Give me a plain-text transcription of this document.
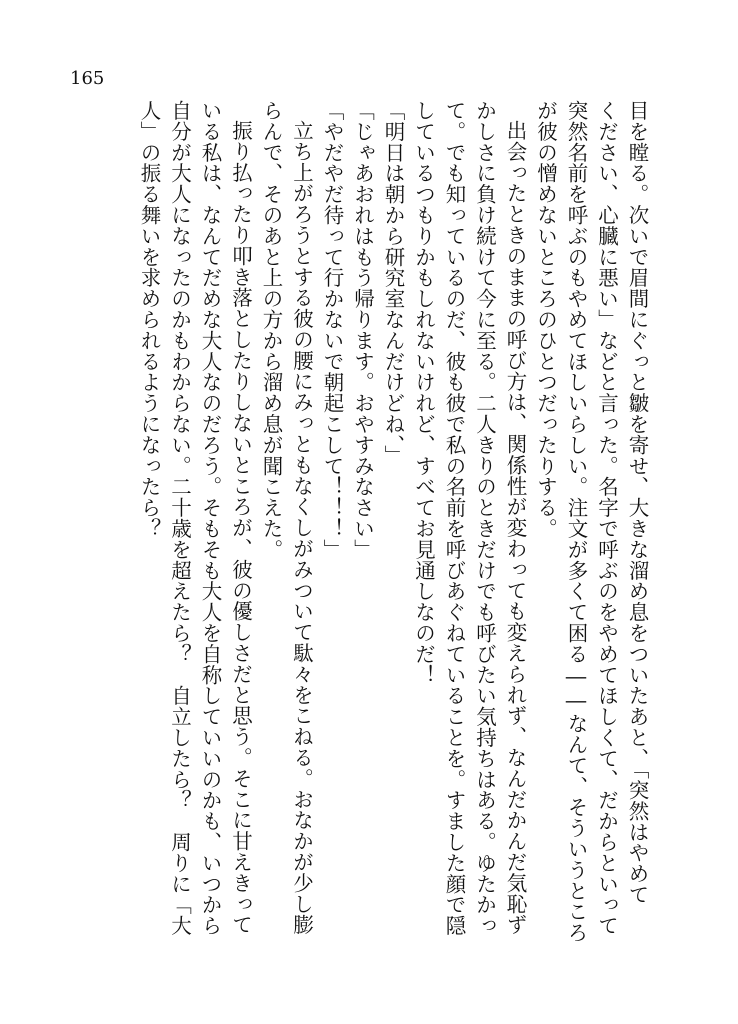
165
目を瞠る。次いで眉間にぐっと皺を寄せ、大きな溜め息をついたあと、「突然はやめて
ください、心臓に悪い」などと言った。名字で呼ぶのをやめてほしくて、だからといって
突然名前を呼ぶのもやめてほしいらしい。注文が多くて困る――なんて、そういうところ
が彼の憎めないところのひとつだったりする。
出会ったときのままの呼び方は、関係性が変わっても変えられず、なんだかんだ気恥ず
かしさに負け続けて今に至る。二人きりのときだけでも呼びたい気持ちはある。ゆたかっ
て。でも知っているのだ、彼も彼で私の名前を呼びあぐねていることを。すました顔で隠
しているつもりかもしれないけれど、すべてお見通しなのだ！
「明日は朝から研究室なんだけどね、」
「じゃあおれはもう帰ります。おやすみなさい」
「やだやだ待って行かないで朝起こして！！！」
立ち上がろうとする彼の腰にみっともなくしがみついて駄々をこねる。おなかが少し膨
らんで、そのあと上の方から溜め息が聞こえた。
振り払ったり叩き落としたりしないところが、彼の優しさだと思う。そこに甘えきって
いる私は、なんてだめな大人なのだろう。そもそも大人を自称していいのかも、いつから
自分が大人になったのかもわからない。二十歳を超えたら？　自立したら？　周りに「大
人」の振る舞いを求められるようになったら？
